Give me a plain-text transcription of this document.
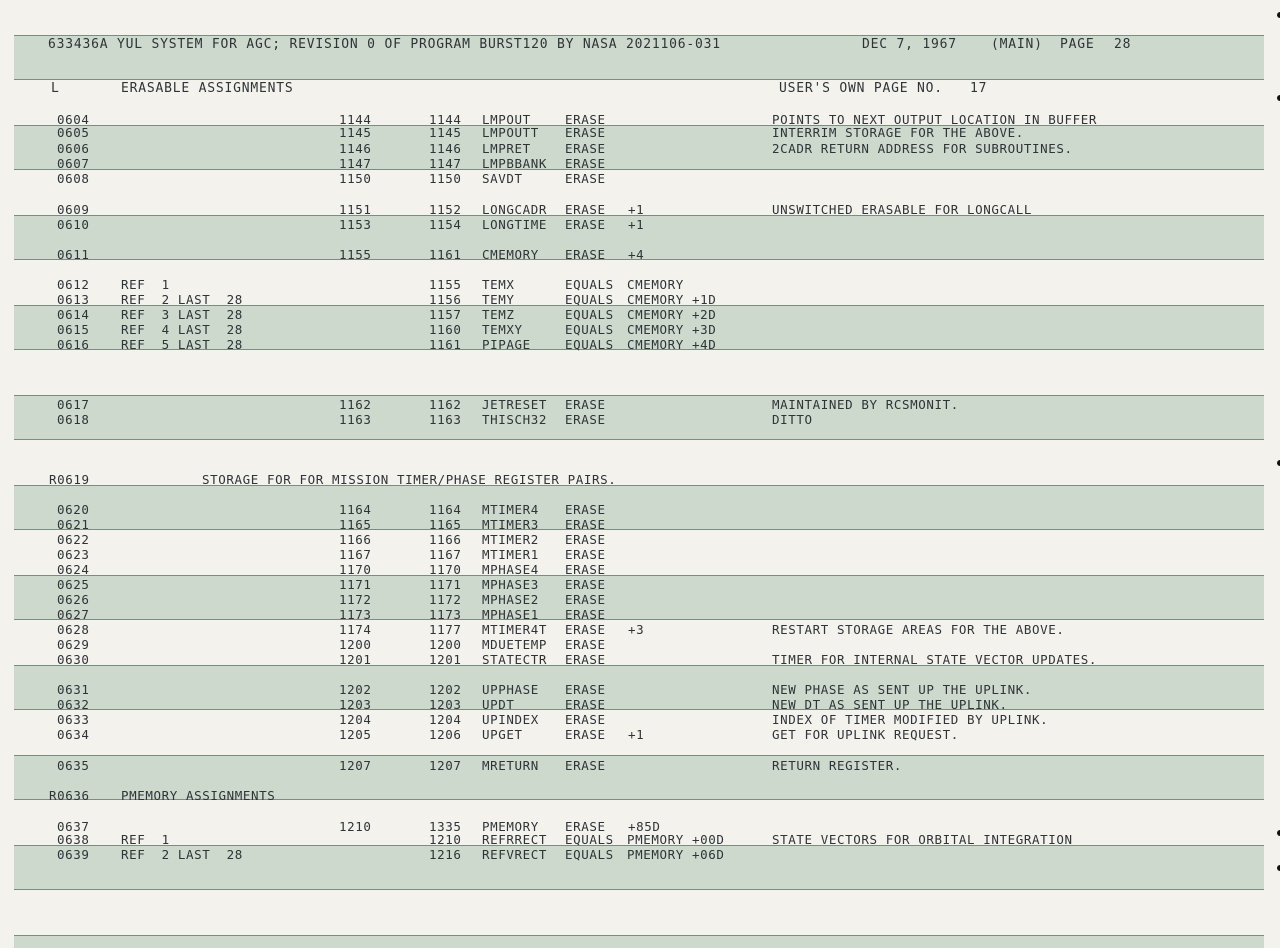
633436A YUL SYSTEM FOR AGC; REVISION 0 OF PROGRAM BURST120 BY NASA 2021106-031	DEC 7, 1967	(MAIN) PAGE 28
L	ERASABLE ASSIGNMENTS	USER'S OWN PAGE NO. 17
0604	1144	1144 LMPOUT	ERASE	POINTS TO NEXT OUTPUT LOCATION IN BUFFER
0605	1145	1145 LMPOUTT ERASE	INTERRIM STORAGE FOR THE ABOVE.
0606	1146	1146 LMPRET	ERASE	2CADR RETURN ADDRESS FOR SUBROUTINES.
0607	1147	1147 LMPBBANK ERASE
0608	1150	1150 SAVDT	ERASE
0609	1151	1152 LONGCADR ERASE +1	UNSWITCHED ERASABLE FOR LONGCALL
0610	1153	1154 LONGTIME ERASE +1
0611	1155	1161 CMEMORY ERASE +4
0612	REF  1	1155 TEMX	EQUALS CMEMORY
0613	REF  2 LAST  28	1156 TEMY	EQUALS CMEMORY +1D
0614	REF  3 LAST  28	1157 TEMZ	EQUALS CMEMORY +2D
0615	REF  4 LAST  28	1160 TEMXY	EQUALS CMEMORY +3D
0616	REF  5 LAST  28	1161 PIPAGE	EQUALS CMEMORY +4D
0617	1162	1162 JETRESET ERASE	MAINTAINED BY RCSMONIT.
0618	1163	1163 THISCH32 ERASE	DITTO
R0619	STORAGE FOR FOR MISSION TIMER/PHASE REGISTER PAIRS.
0620	1164	1164 MTIMER4 ERASE
0621	1165	1165 MTIMER3 ERASE
0622	1166	1166 MTIMER2 ERASE
0623	1167	1167 MTIMER1 ERASE
0624	1170	1170 MPHASE4 ERASE
0625	1171	1171 MPHASE3 ERASE
0626	1172	1172 MPHASE2 ERASE
0627	1173	1173 MPHASE1 ERASE
0628	1174	1177 MTIMER4T ERASE +3	RESTART STORAGE AREAS FOR THE ABOVE.
0629	1200	1200 MDUETEMP ERASE
0630	1201	1201 STATECTR ERASE	TIMER FOR INTERNAL STATE VECTOR UPDATES.
0631	1202	1202 UPPHASE ERASE	NEW PHASE AS SENT UP THE UPLINK.
0632	1203	1203 UPDT	ERASE	NEW DT AS SENT UP THE UPLINK.
0633	1204	1204 UPINDEX ERASE	INDEX OF TIMER MODIFIED BY UPLINK.
0634	1205	1206 UPGET	ERASE +1	GET FOR UPLINK REQUEST.
0635	1207	1207 MRETURN ERASE	RETURN REGISTER.
R0636	PMEMORY ASSIGNMENTS
0637	1210	1335 PMEMORY ERASE +85D
0638	REF  1	1210 REFRRECT EQUALS PMEMORY +00D	STATE VECTORS FOR ORBITAL INTEGRATION
0639	REF  2 LAST  28	1216 REFVRECT EQUALS PMEMORY +06D
